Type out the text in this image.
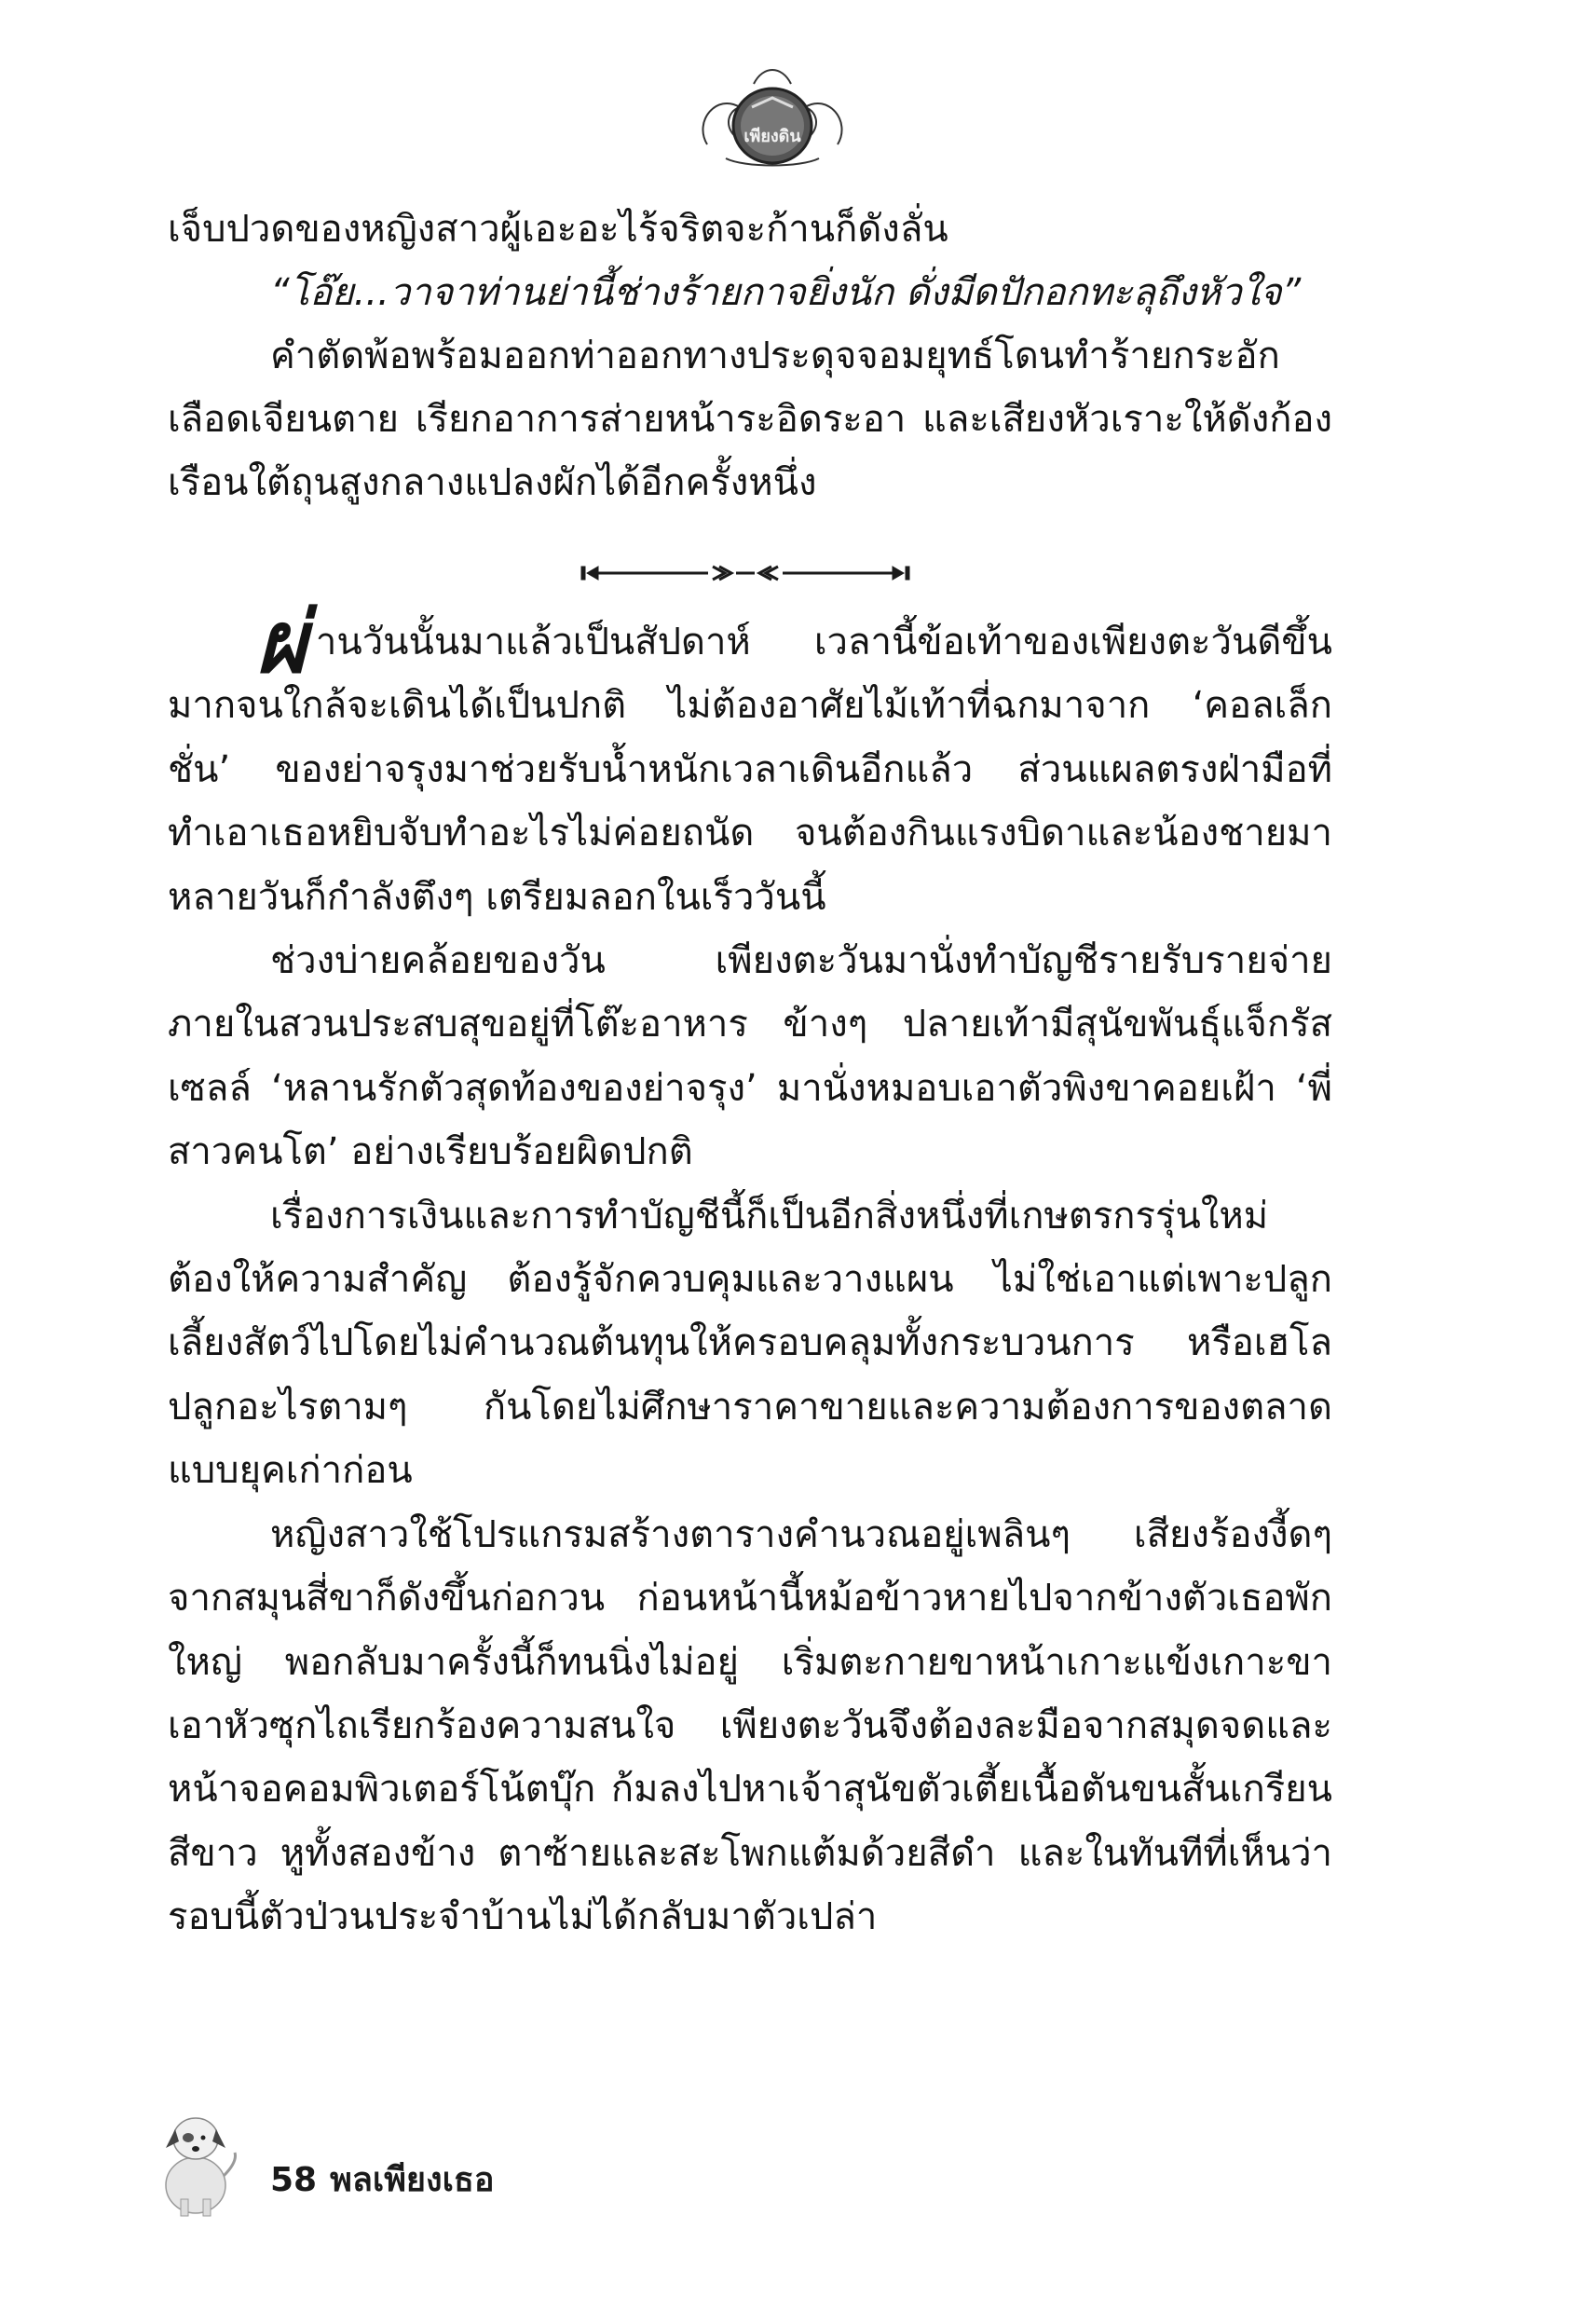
เพียงดิน

เจ็บปวดของหญิงสาวผู้เอะอะไร้จริตจะก้านก็ดังลั่น

“โอ๊ย...วาจาท่านย่านี้ช่างร้ายกาจยิ่งนัก ดั่งมีดปักอกทะลุถึงหัวใจ”

คำตัดพ้อพร้อมออกท่าออกทางประดุจจอมยุทธ์โดนทำร้ายกระอักเลือดเจียนตาย เรียกอาการส่ายหน้าระอิดระอา และเสียงหัวเราะให้ดังก้องเรือนใต้ถุนสูงกลางแปลงผักได้อีกครั้งหนึ่ง

ผ่านวันนั้นมาแล้วเป็นสัปดาห์ เวลานี้ข้อเท้าของเพียงตะวันดีขึ้นมากจนใกล้จะเดินได้เป็นปกติ ไม่ต้องอาศัยไม้เท้าที่ฉกมาจาก ‘คอลเล็กชั่น’ ของย่าจรุงมาช่วยรับน้ำหนักเวลาเดินอีกแล้ว ส่วนแผลตรงฝ่ามือที่ทำเอาเธอหยิบจับทำอะไรไม่ค่อยถนัด จนต้องกินแรงบิดาและน้องชายมาหลายวันก็กำลังตึงๆ เตรียมลอกในเร็ววันนี้

ช่วงบ่ายคล้อยของวัน เพียงตะวันมานั่งทำบัญชีรายรับรายจ่ายภายในสวนประสบสุขอยู่ที่โต๊ะอาหาร ข้างๆ ปลายเท้ามีสุนัขพันธุ์แจ็กรัสเซลล์ ‘หลานรักตัวสุดท้องของย่าจรุง’ มานั่งหมอบเอาตัวพิงขาคอยเฝ้า ‘พี่สาวคนโต’ อย่างเรียบร้อยผิดปกติ

เรื่องการเงินและการทำบัญชีนี้ก็เป็นอีกสิ่งหนึ่งที่เกษตรกรรุ่นใหม่ต้องให้ความสำคัญ ต้องรู้จักควบคุมและวางแผน ไม่ใช่เอาแต่เพาะปลูกเลี้ยงสัตว์ไปโดยไม่คำนวณต้นทุนให้ครอบคลุมทั้งกระบวนการ หรือเฮโลปลูกอะไรตามๆ กันโดยไม่ศึกษาราคาขายและความต้องการของตลาดแบบยุคเก่าก่อน

หญิงสาวใช้โปรแกรมสร้างตารางคำนวณอยู่เพลินๆ เสียงร้องงี้ดๆ จากสมุนสี่ขาก็ดังขึ้นก่อกวน ก่อนหน้านี้หม้อข้าวหายไปจากข้างตัวเธอพักใหญ่ พอกลับมาครั้งนี้ก็ทนนิ่งไม่อยู่ เริ่มตะกายขาหน้าเกาะแข้งเกาะขา เอาหัวซุกไถเรียกร้องความสนใจ เพียงตะวันจึงต้องละมือจากสมุดจดและหน้าจอคอมพิวเตอร์โน้ตบุ๊ก ก้มลงไปหาเจ้าสุนัขตัวเตี้ยเนื้อตันขนสั้นเกรียนสีขาว หูทั้งสองข้าง ตาซ้ายและสะโพกแต้มด้วยสีดำ และในทันทีที่เห็นว่ารอบนี้ตัวป่วนประจำบ้านไม่ได้กลับมาตัวเปล่า

58 พลเพียงเธอ
